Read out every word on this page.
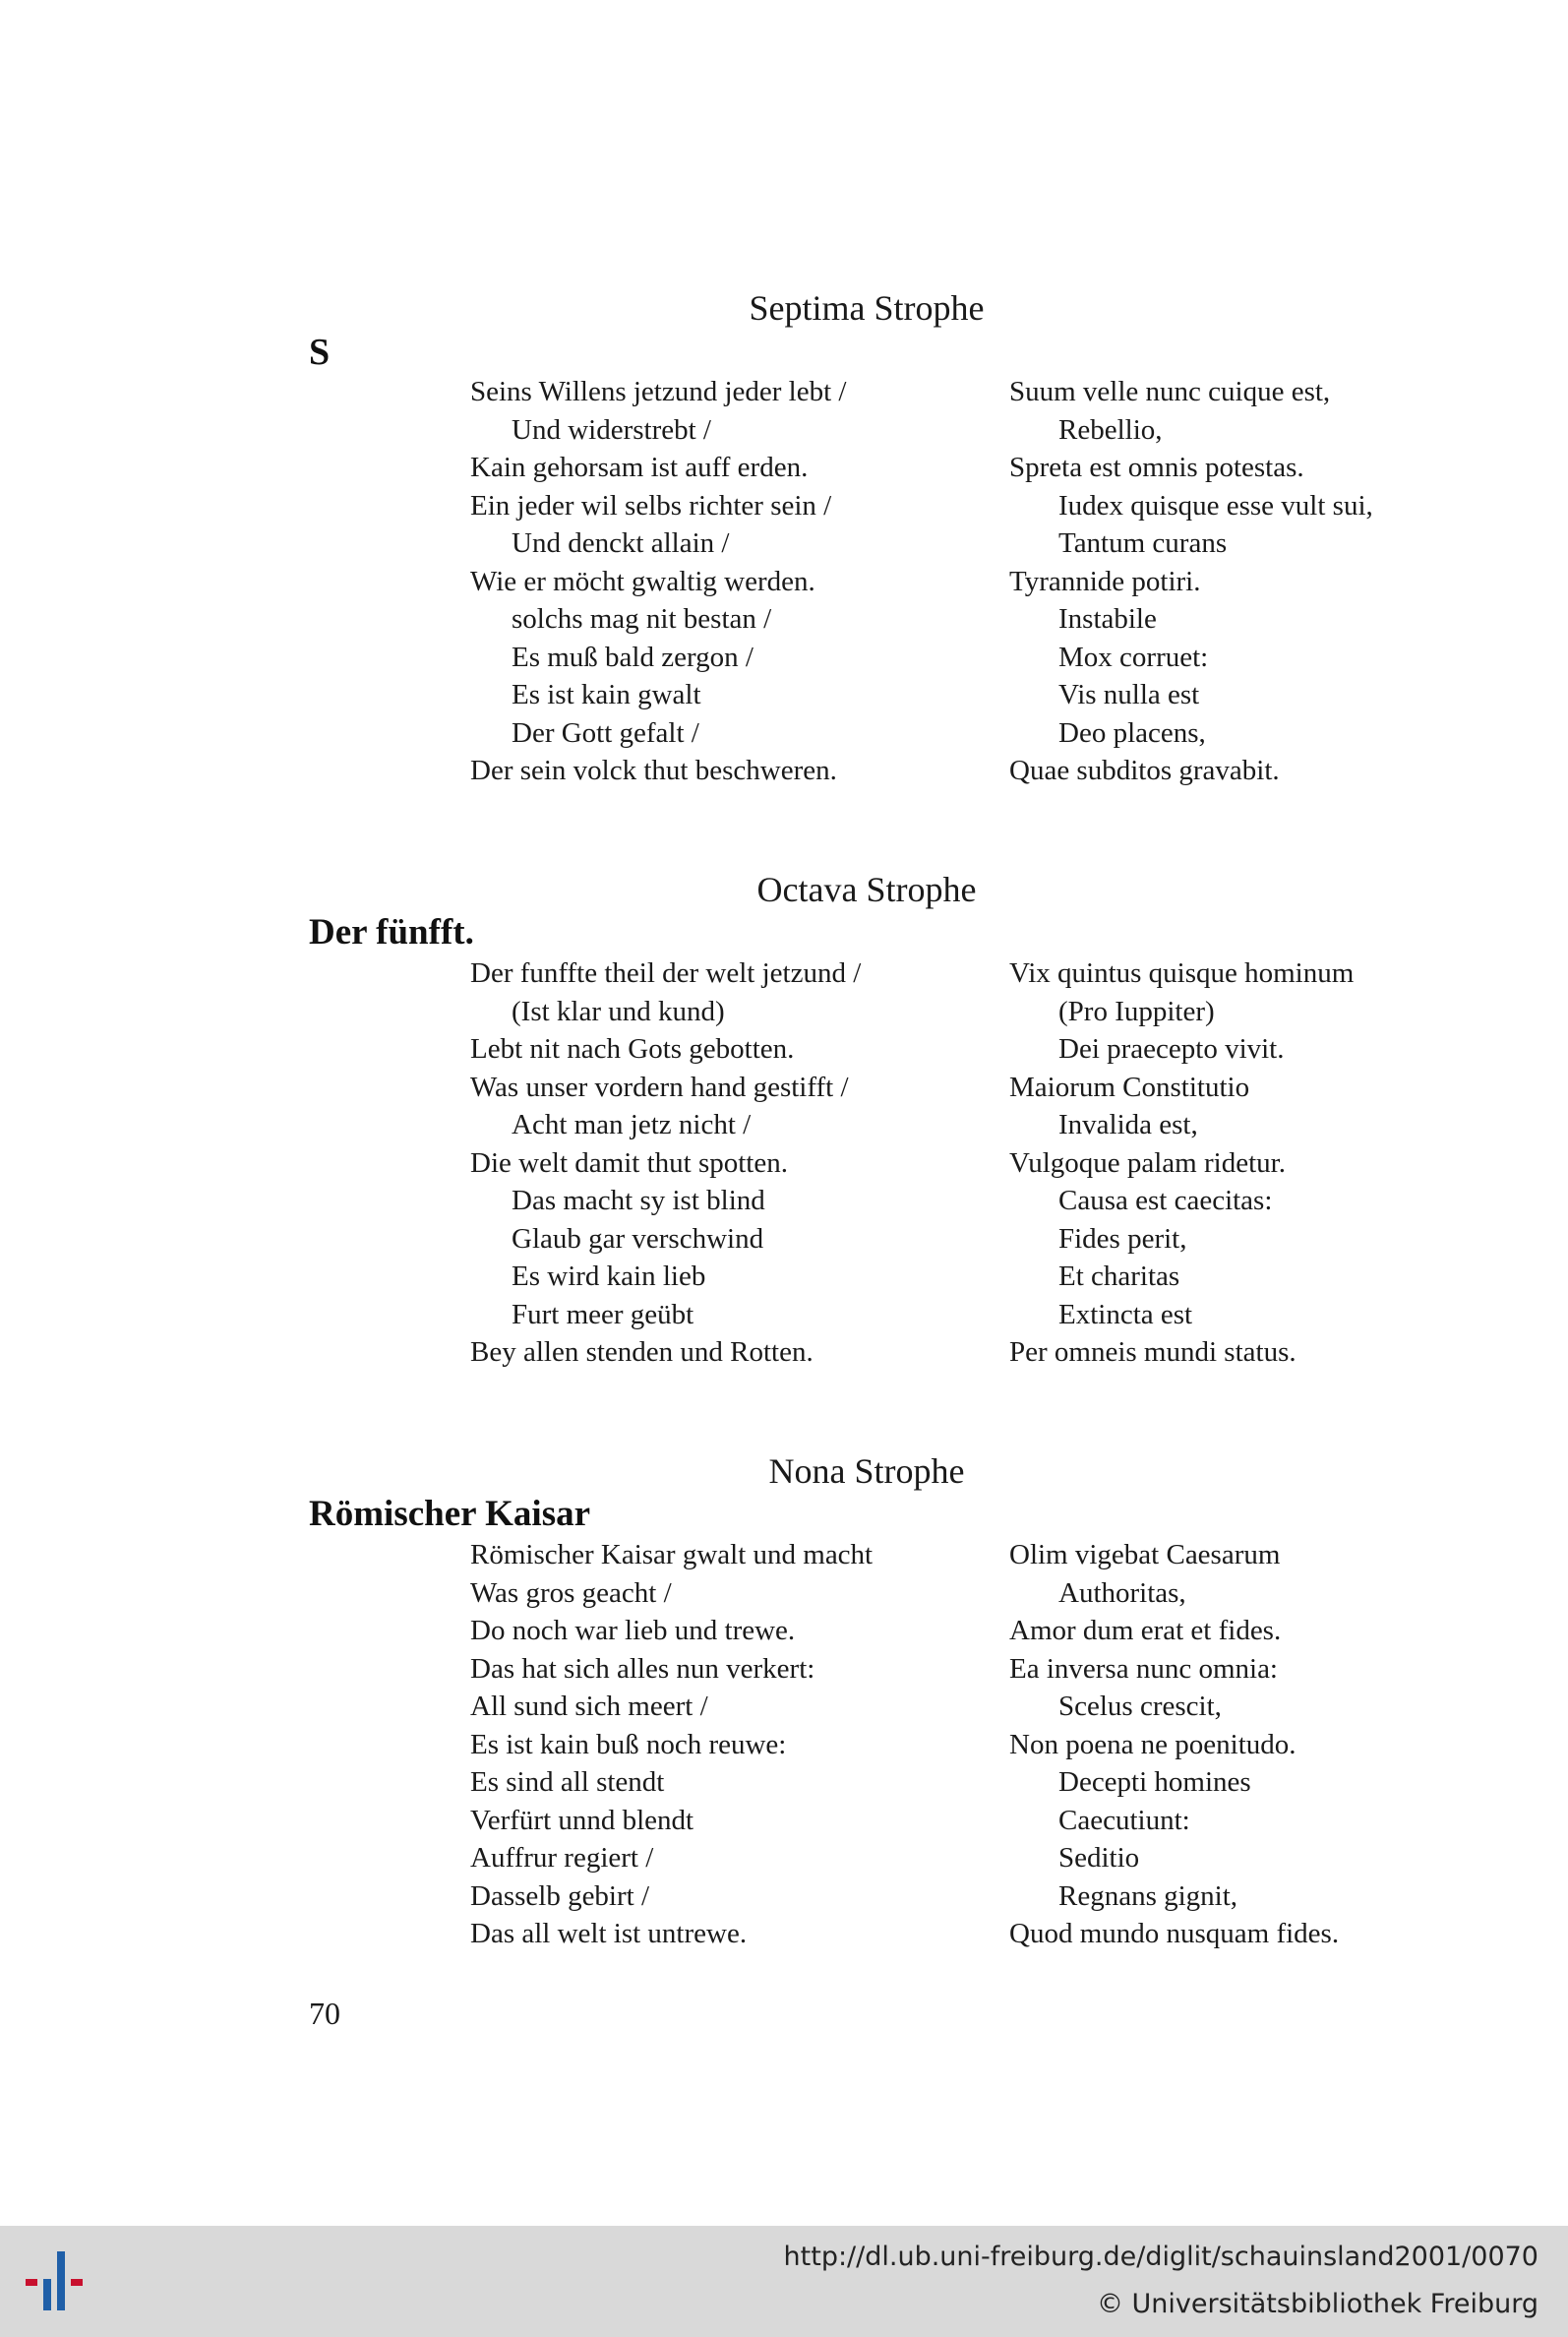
Septima Strophe
S
Seins Willens jetzund jeder lebt /
Und widerstrebt /
Kain gehorsam ist auff erden.
Ein jeder wil selbs richter sein /
Und denckt allain /
Wie er möcht gwaltig werden.
solchs mag nit bestan /
Es muß bald zergon /
Es ist kain gwalt
Der Gott gefalt /
Der sein volck thut beschweren.
Suum velle nunc cuique est,
Rebellio,
Spreta est omnis potestas.
Iudex quisque esse vult sui,
Tantum curans
Tyrannide potiri.
Instabile
Mox corruet:
Vis nulla est
Deo placens,
Quae subditos gravabit.
Octava Strophe
Der fünfft.
Der funffte theil der welt jetzund /
(Ist klar und kund)
Lebt nit nach Gots gebotten.
Was unser vordern hand gestifft /
Acht man jetz nicht /
Die welt damit thut spotten.
Das macht sy ist blind
Glaub gar verschwind
Es wird kain lieb
Furt meer geübt
Bey allen stenden und Rotten.
Vix quintus quisque hominum
(Pro Iuppiter)
Dei praecepto vivit.
Maiorum Constitutio
Invalida est,
Vulgoque palam ridetur.
Causa est caecitas:
Fides perit,
Et charitas
Extincta est
Per omneis mundi status.
Nona Strophe
Römischer Kaisar
Römischer Kaisar gwalt und macht
Was gros geacht /
Do noch war lieb und trewe.
Das hat sich alles nun verkert:
All sund sich meert /
Es ist kain buß noch reuwe:
Es sind all stendt
Verfürt unnd blendt
Auffrur regiert /
Dasselb gebirt /
Das all welt ist untrewe.
Olim vigebat Caesarum
Authoritas,
Amor dum erat et fides.
Ea inversa nunc omnia:
Scelus crescit,
Non poena ne poenitudo.
Decepti homines
Caecutiunt:
Seditio
Regnans gignit,
Quod mundo nusquam fides.
70
http://dl.ub.uni-freiburg.de/diglit/schauinsland2001/0070
© Universitätsbibliothek Freiburg
